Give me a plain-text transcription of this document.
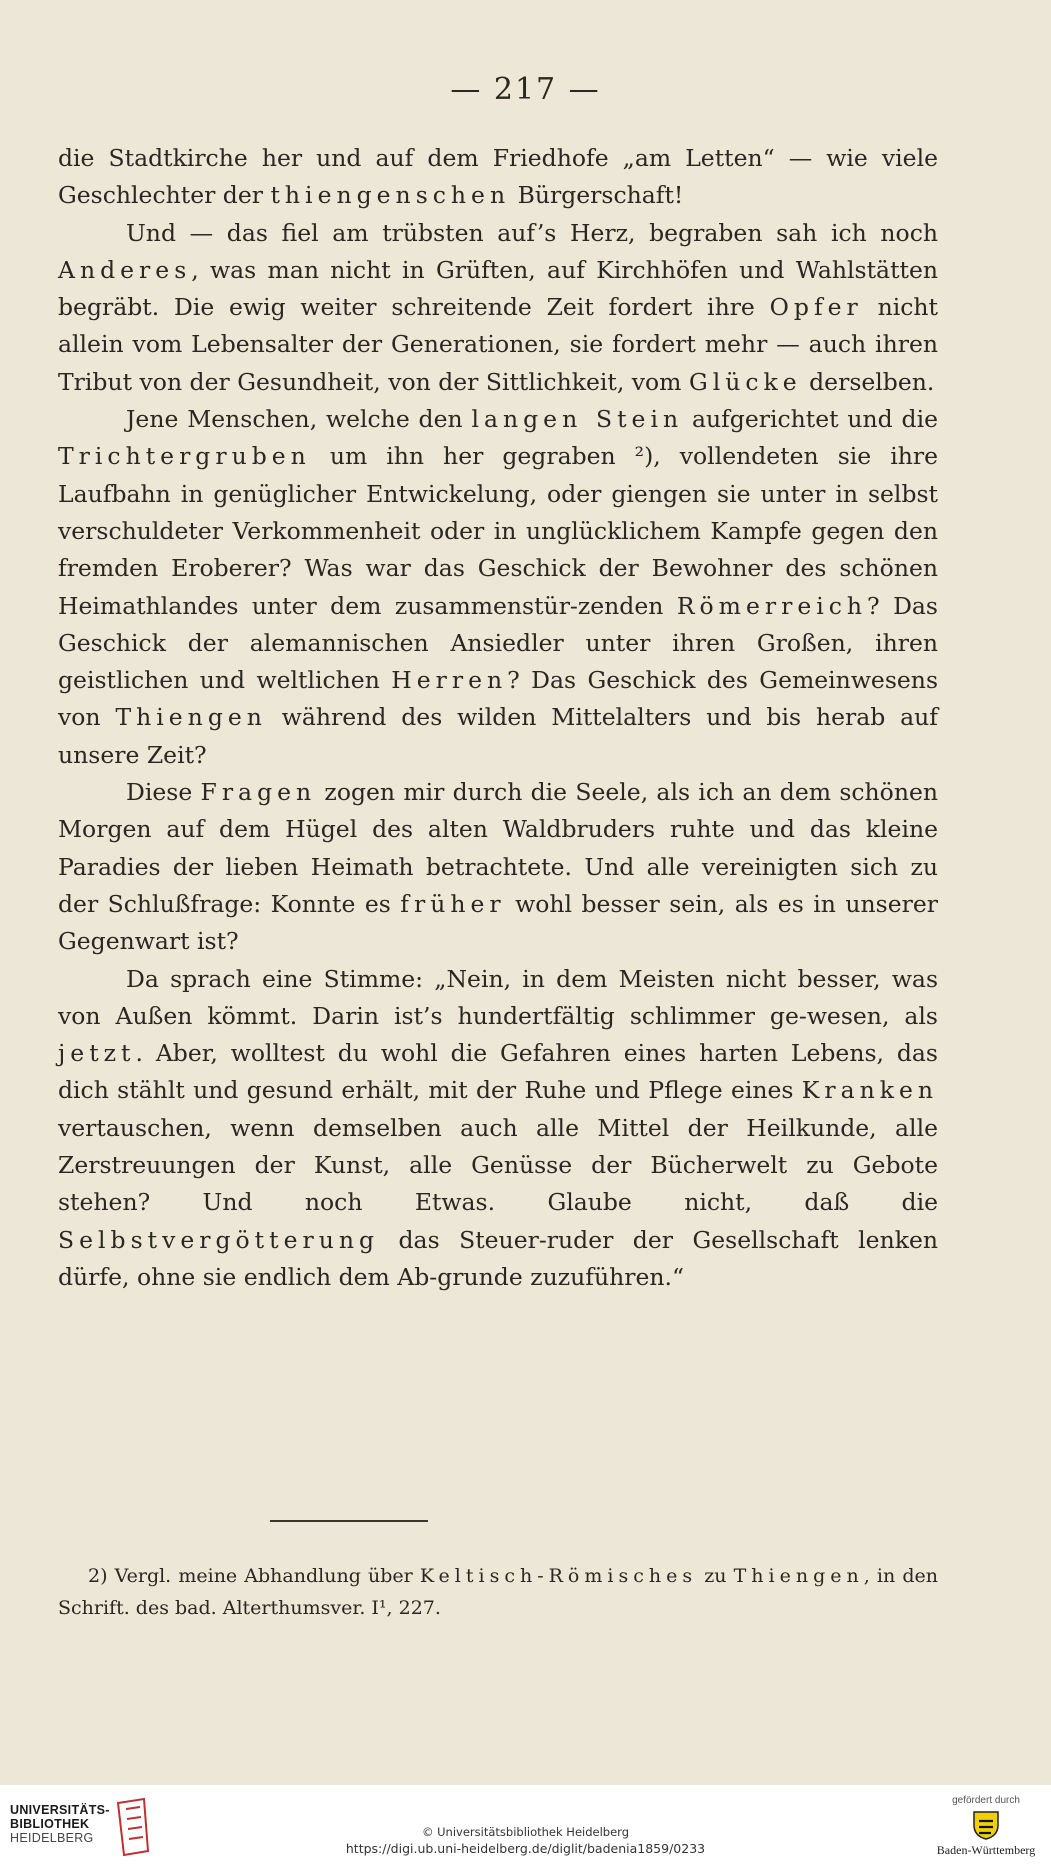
— 217 —

die Stadtkirche her und auf dem Friedhofe „am Letten“ — wie viele Geschlechter der thiengenschen Bürgerschaft!

Und — das fiel am trübsten auf’s Herz, begraben sah ich noch Anderes, was man nicht in Grüften, auf Kirchhöfen und Wahlstätten begräbt. Die ewig weiter schreitende Zeit fordert ihre Opfer nicht allein vom Lebensalter der Generationen, sie fordert mehr — auch ihren Tribut von der Gesundheit, von der Sittlichkeit, vom Glücke derselben.

Jene Menschen, welche den langen Stein aufgerichtet und die Trichtergruben um ihn her gegraben ²), vollendeten sie ihre Laufbahn in genüglicher Entwickelung, oder giengen sie unter in selbst verschuldeter Verkommenheit oder in unglücklichem Kampfe gegen den fremden Eroberer? Was war das Geschick der Bewohner des schönen Heimathlandes unter dem zusammenstür-zenden Römerreich? Das Geschick der alemannischen Ansiedler unter ihren Großen, ihren geistlichen und weltlichen Herren? Das Geschick des Gemeinwesens von Thiengen während des wilden Mittelalters und bis herab auf unsere Zeit?

Diese Fragen zogen mir durch die Seele, als ich an dem schönen Morgen auf dem Hügel des alten Waldbruders ruhte und das kleine Paradies der lieben Heimath betrachtete. Und alle vereinigten sich zu der Schlußfrage: Konnte es früher wohl besser sein, als es in unserer Gegenwart ist?

Da sprach eine Stimme: „Nein, in dem Meisten nicht besser, was von Außen kömmt. Darin ist’s hundertfältig schlimmer ge-wesen, als jetzt. Aber, wolltest du wohl die Gefahren eines harten Lebens, das dich stählt und gesund erhält, mit der Ruhe und Pflege eines Kranken vertauschen, wenn demselben auch alle Mittel der Heilkunde, alle Zerstreuungen der Kunst, alle Genüsse der Bücherwelt zu Gebote stehen? Und noch Etwas. Glaube nicht, daß die Selbstvergötterung das Steuer-ruder der Gesellschaft lenken dürfe, ohne sie endlich dem Ab-grunde zuzuführen.“

2) Vergl. meine Abhandlung über Keltisch-Römisches zu Thiengen, in den Schrift. des bad. Alterthumsver. I¹, 227.
UNIVERSITÄTS-
BIBLIOTHEK
HEIDELBERG	© Universitätsbibliothek Heidelberg
https://digi.ub.uni-heidelberg.de/diglit/badenia1859/0233
gefördert durch
Baden-Württemberg
